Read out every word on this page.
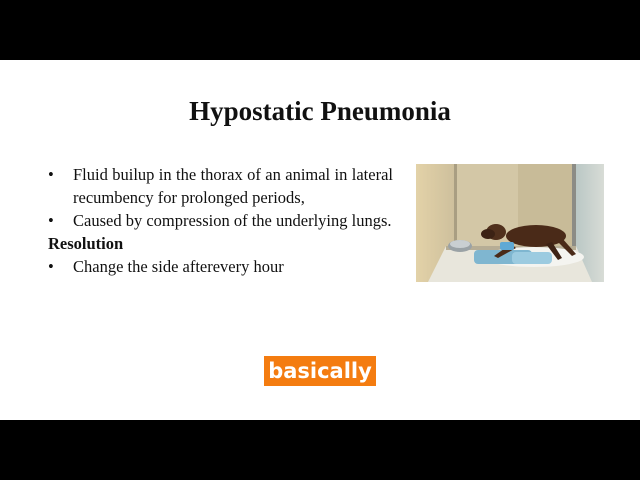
Hypostatic Pneumonia
• Fluid builup in the thorax of an animal in lateral recumbency for prolonged periods,
• Caused by compression of the underlying lungs.
Resolution
• Change the side afterevery hour
basically
